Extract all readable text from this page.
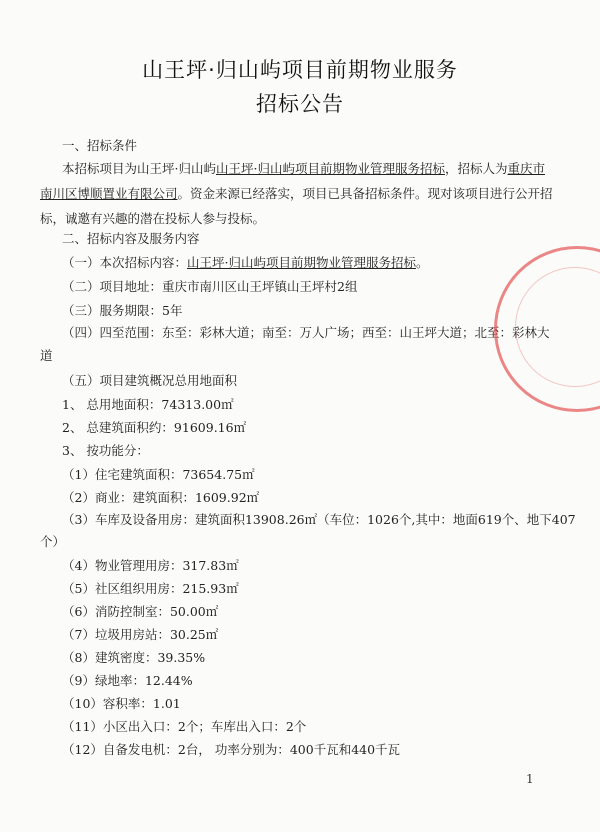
山王坪·归山屿项目前期物业服务
招标公告
一、招标条件
本招标项目为山王坪·归山屿山王坪·归山屿项目前期物业管理服务招标，招标人为重庆市
南川区博顺置业有限公司。资金来源已经落实，项目已具备招标条件。现对该项目进行公开招
标，诚邀有兴趣的潜在投标人参与投标。
二、招标内容及服务内容
（一）本次招标内容：山王坪·归山屿项目前期物业管理服务招标。
（二）项目地址：重庆市南川区山王坪镇山王坪村2组
（三）服务期限：5年
（四）四至范围：东至：彩林大道；南至：万人广场；西至：山王坪大道；北至：彩林大
道
（五）项目建筑概况总用地面积
1、 总用地面积：74313.00㎡
2、 总建筑面积约：91609.16㎡
3、 按功能分：
（1）住宅建筑面积：73654.75㎡
（2）商业：建筑面积：1609.92㎡
（3）车库及设备用房：建筑面积13908.26㎡（车位：1026个,其中：地面619个、地下407
个）
（4）物业管理用房：317.83㎡
（5）社区组织用房：215.93㎡
（6）消防控制室：50.00㎡
（7）垃圾用房站：30.25㎡
（8）建筑密度：39.35%
（9）绿地率：12.44%
（10）容积率：1.01
（11）小区出入口：2个；车库出入口：2个
（12）自备发电机：2台， 功率分别为：400千瓦和440千瓦
1
